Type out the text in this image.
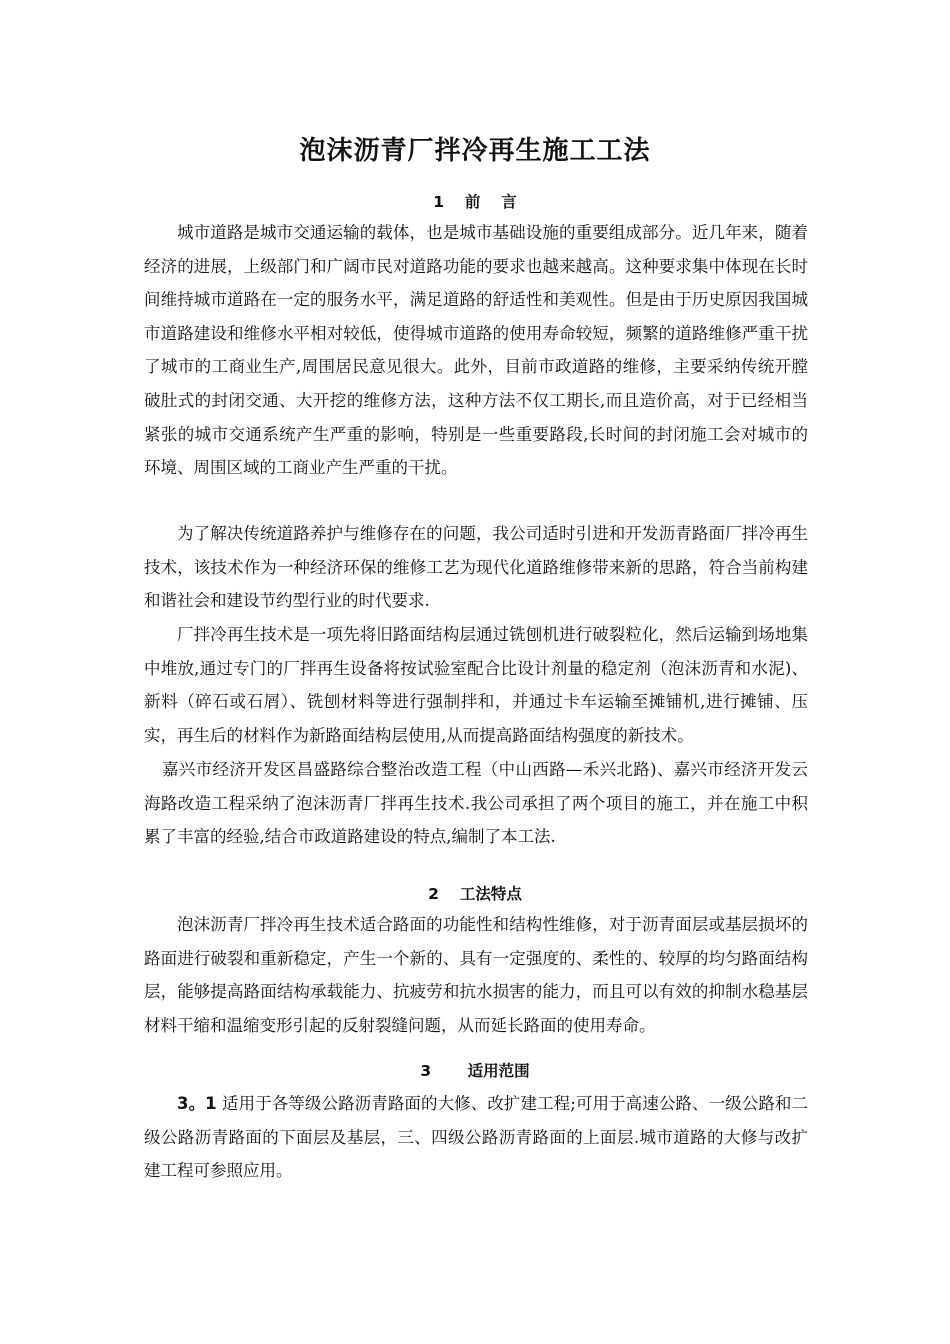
泡沫沥青厂拌冷再生施工工法
1　 前　 言

城市道路是城市交通运输的载体，也是城市基础设施的重要组成部分。近几年来，随着经济的进展，上级部门和广阔市民对道路功能的要求也越来越高。这种要求集中体现在长时间维持城市道路在一定的服务水平，满足道路的舒适性和美观性。但是由于历史原因我国城市道路建设和维修水平相对较低，使得城市道路的使用寿命较短，频繁的道路维修严重干扰了城市的工商业生产,周围居民意见很大。此外，目前市政道路的维修，主要采纳传统开膛破肚式的封闭交通、大开挖的维修方法，这种方法不仅工期长,而且造价高，对于已经相当紧张的城市交通系统产生严重的影响，特别是一些重要路段,长时间的封闭施工会对城市的环境、周围区域的工商业产生严重的干扰。

为了解决传统道路养护与维修存在的问题，我公司适时引进和开发沥青路面厂拌冷再生技术，该技术作为一种经济环保的维修工艺为现代化道路维修带来新的思路，符合当前构建和谐社会和建设节约型行业的时代要求.

厂拌冷再生技术是一项先将旧路面结构层通过铣刨机进行破裂粒化，然后运输到场地集中堆放,通过专门的厂拌再生设备将按试验室配合比设计剂量的稳定剂（泡沫沥青和水泥)、新料（碎石或石屑）、铣刨材料等进行强制拌和，并通过卡车运输至摊铺机,进行摊铺、压实，再生后的材料作为新路面结构层使用,从而提高路面结构强度的新技术。

嘉兴市经济开发区昌盛路综合整治改造工程（中山西路—禾兴北路)、嘉兴市经济开发云海路改造工程采纳了泡沫沥青厂拌再生技术.我公司承担了两个项目的施工，并在施工中积累了丰富的经验,结合市政道路建设的特点,编制了本工法.

2　 工法特点

泡沫沥青厂拌冷再生技术适合路面的功能性和结构性维修，对于沥青面层或基层损坏的路面进行破裂和重新稳定，产生一个新的、具有一定强度的、柔性的、较厚的均匀路面结构层，能够提高路面结构承载能力、抗疲劳和抗水损害的能力，而且可以有效的抑制水稳基层材料干缩和温缩变形引起的反射裂缝问题，从而延长路面的使用寿命。

3　　 适用范围

3。1 适用于各等级公路沥青路面的大修、改扩建工程;可用于高速公路、一级公路和二级公路沥青路面的下面层及基层，三、四级公路沥青路面的上面层.城市道路的大修与改扩建工程可参照应用。
